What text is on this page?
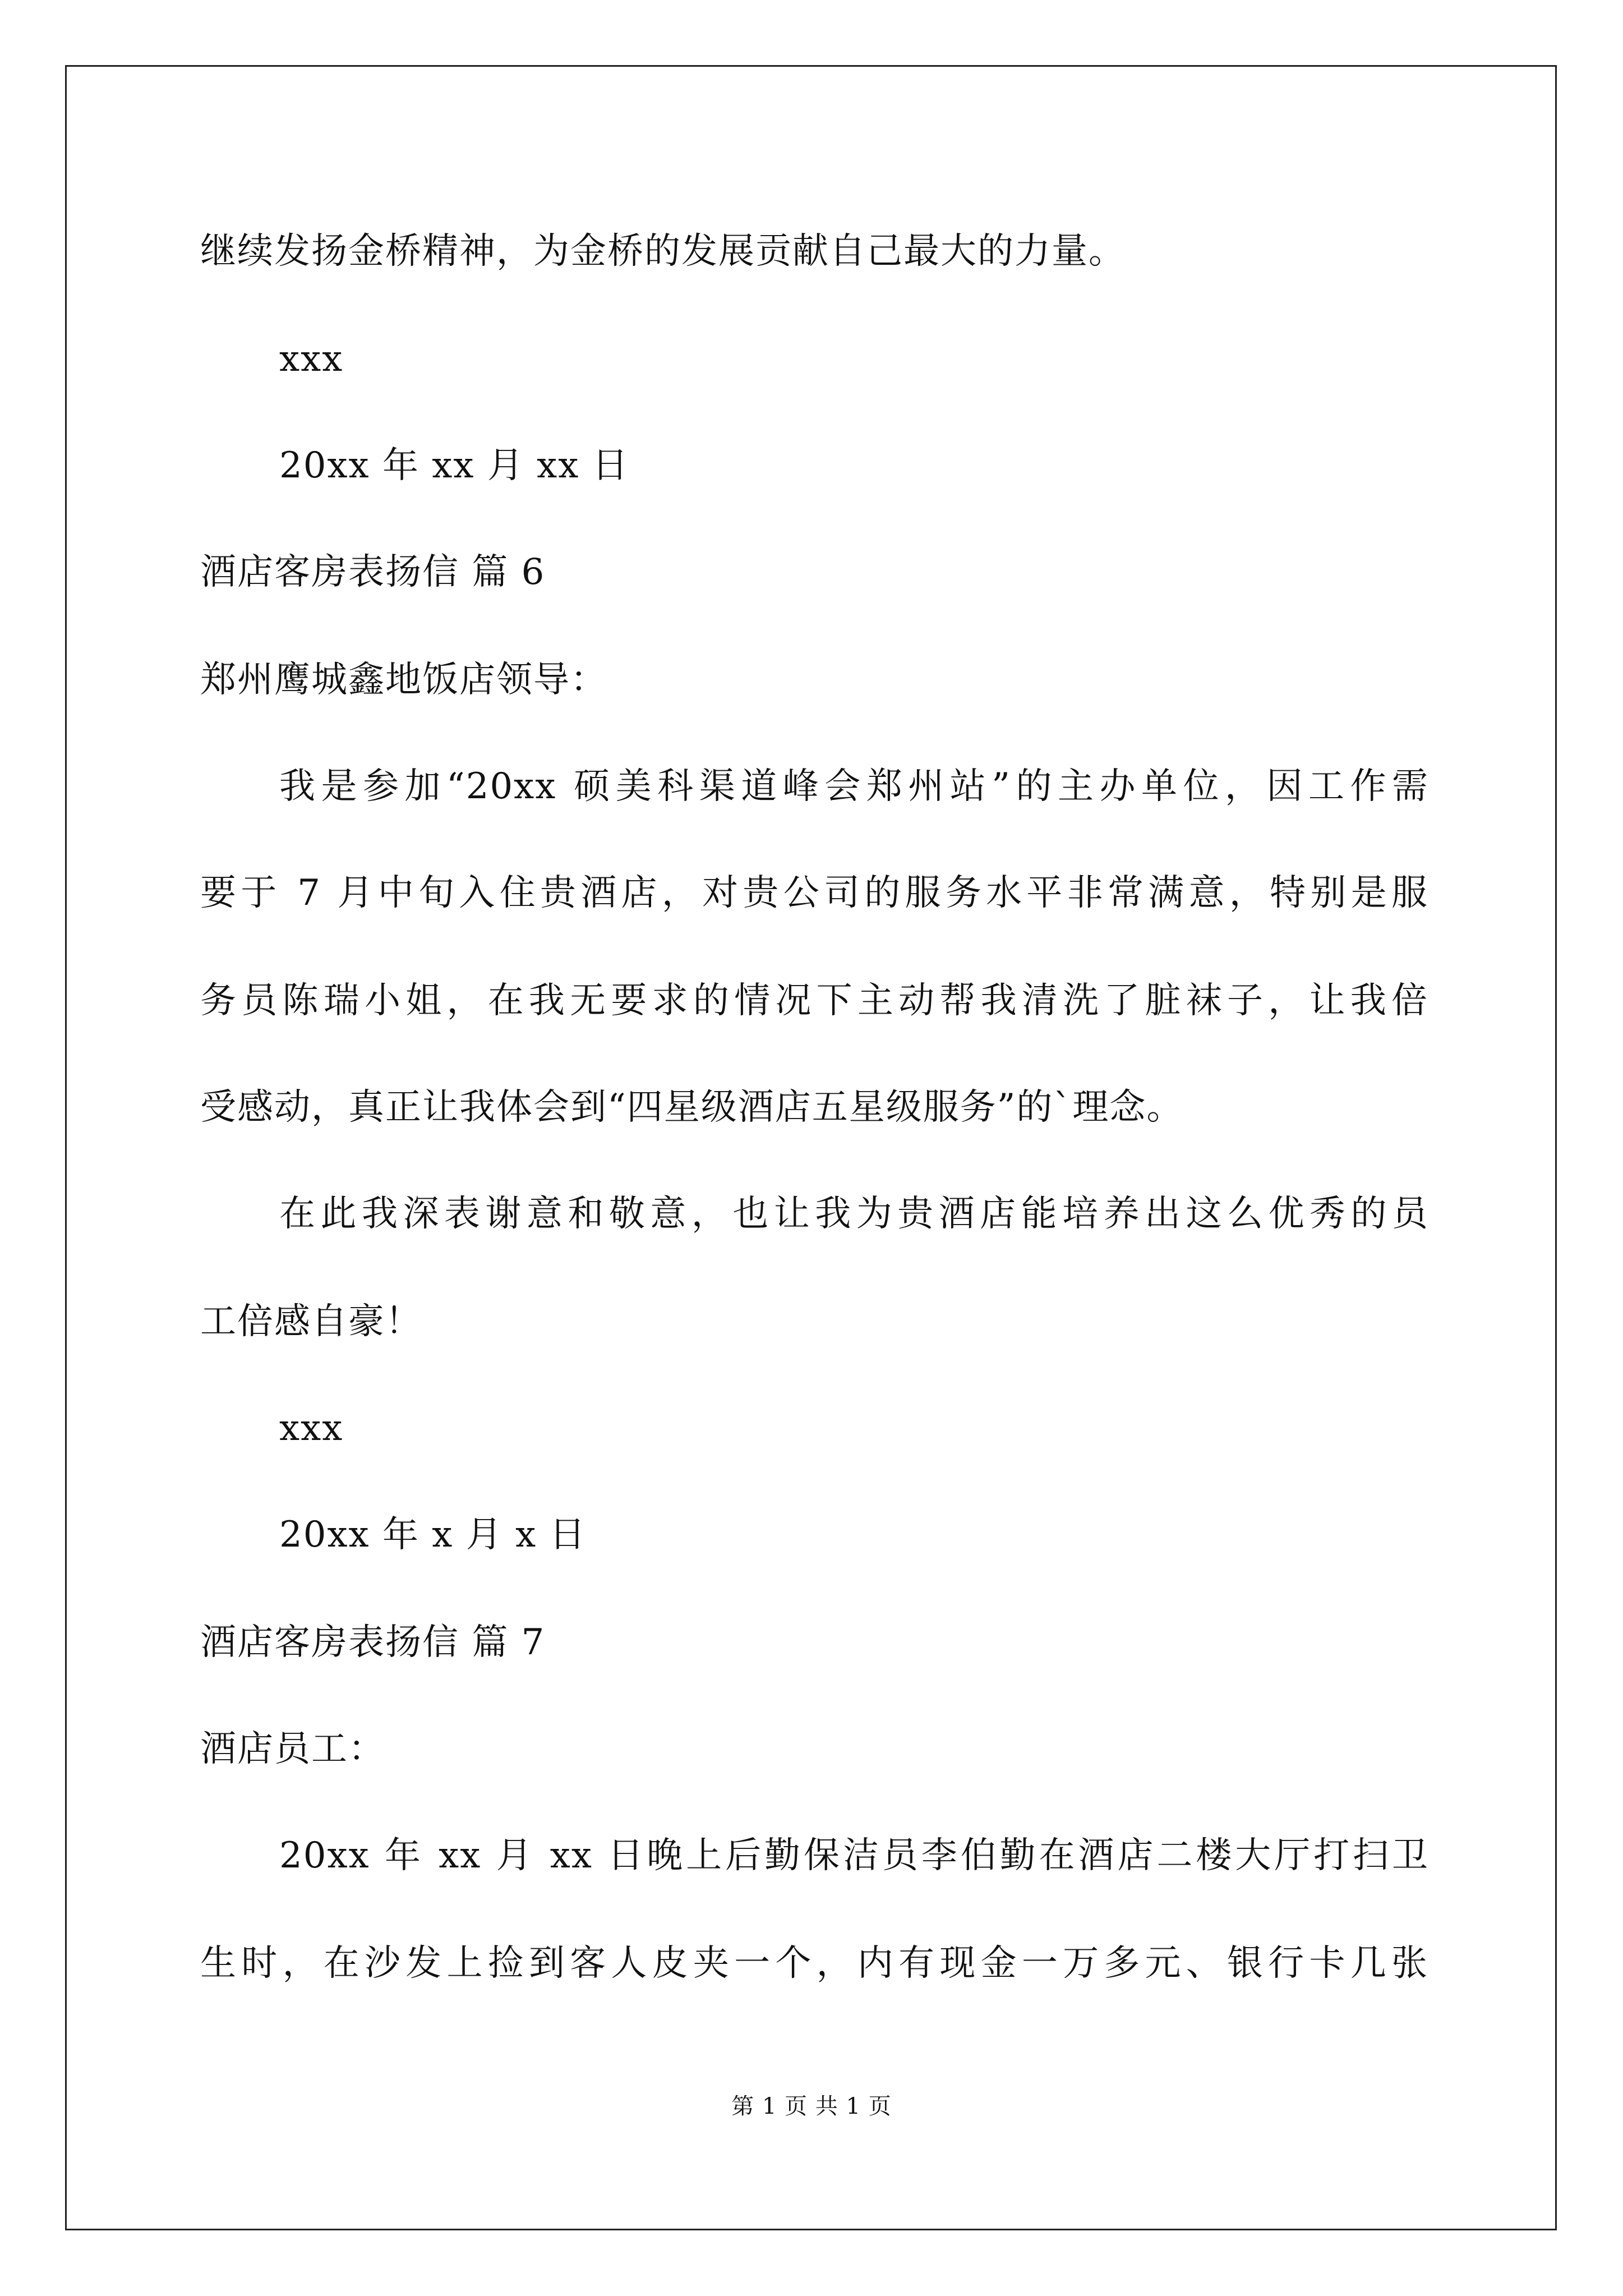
继续发扬金桥精神，为金桥的发展贡献自己最大的力量。
xxx
20xx 年 xx 月 xx 日
酒店客房表扬信 篇 6
郑州鹰城鑫地饭店领导：
我是参加“20xx 硕美科渠道峰会郑州站”的主办单位，因工作需
要于 7 月中旬入住贵酒店，对贵公司的服务水平非常满意，特别是服
务员陈瑞小姐，在我无要求的情况下主动帮我清洗了脏袜子，让我倍
受感动，真正让我体会到“四星级酒店五星级服务”的`理念。
在此我深表谢意和敬意，也让我为贵酒店能培养出这么优秀的员
工倍感自豪！
xxx
20xx 年 x 月 x 日
酒店客房表扬信 篇 7
酒店员工：
20xx 年 xx 月 xx 日晚上后勤保洁员李伯勤在酒店二楼大厅打扫卫
生时，在沙发上捡到客人皮夹一个，内有现金一万多元、银行卡几张
第 1 页 共 1 页
